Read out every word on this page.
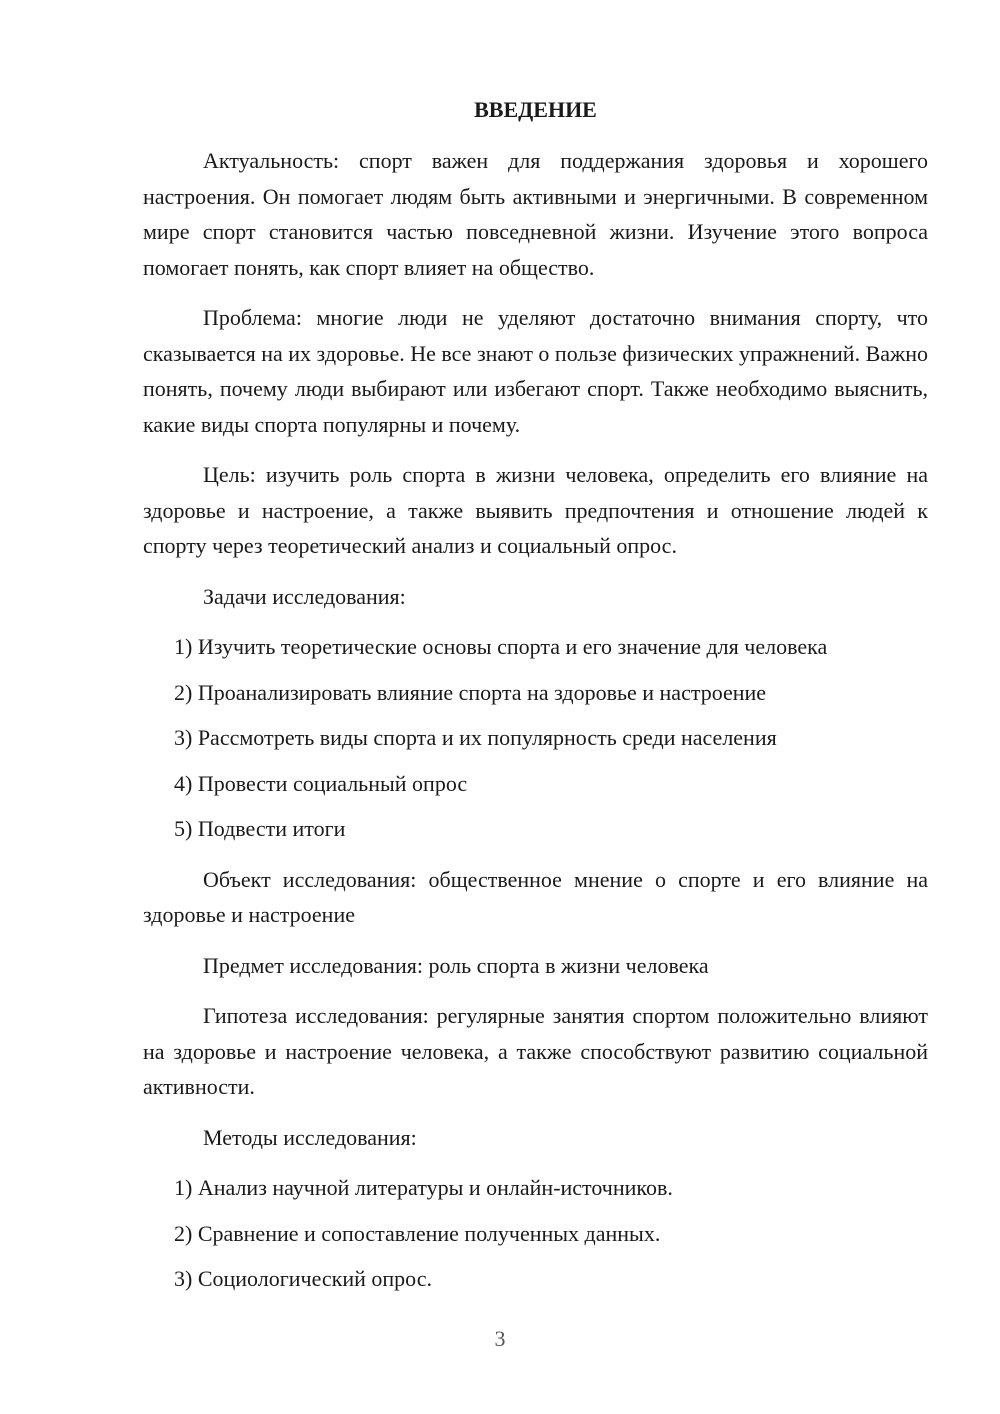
ВВЕДЕНИЕ

Актуальность: спорт важен для поддержания здоровья и хорошего настроения. Он помогает людям быть активными и энергичными. В современном мире спорт становится частью повседневной жизни. Изучение этого вопроса помогает понять, как спорт влияет на общество.

Проблема: многие люди не уделяют достаточно внимания спорту, что сказывается на их здоровье. Не все знают о пользе физических упражнений. Важно понять, почему люди выбирают или избегают спорт. Также необходимо выяснить, какие виды спорта популярны и почему.

Цель: изучить роль спорта в жизни человека, определить его влияние на здоровье и настроение, а также выявить предпочтения и отношение людей к спорту через теоретический анализ и социальный опрос.

Задачи исследования:

1) Изучить теоретические основы спорта и его значение для человека
2) Проанализировать влияние спорта на здоровье и настроение
3) Рассмотреть виды спорта и их популярность среди населения
4) Провести социальный опрос
5) Подвести итоги

Объект исследования: общественное мнение о спорте и его влияние на здоровье и настроение

Предмет исследования: роль спорта в жизни человека

Гипотеза исследования: регулярные занятия спортом положительно влияют на здоровье и настроение человека, а также способствуют развитию социальной активности.

Методы исследования:

1) Анализ научной литературы и онлайн-источников.
2) Сравнение и сопоставление полученных данных.
3) Социологический опрос.
3
